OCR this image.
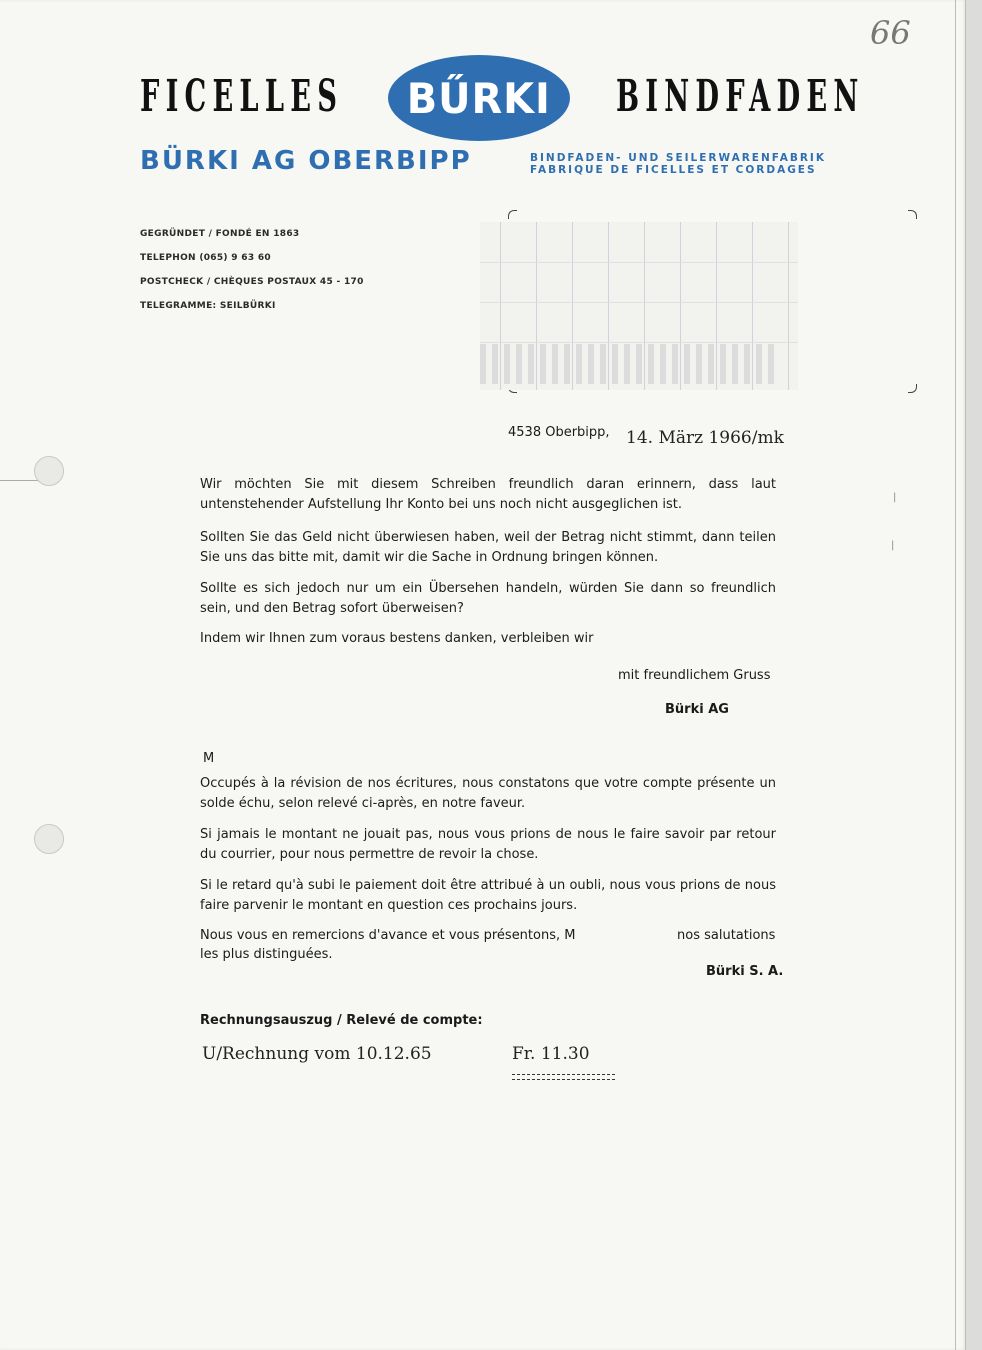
66
FICELLES BŰRKI BINDFADEN
BÜRKI AG OBERBIPP	BINDFADEN- UND SEILERWARENFABRIK
FABRIQUE DE FICELLES ET CORDAGES
GEGRÜNDET / FONDÉ EN 1863
TELEPHON (065) 9 63 60
POSTCHECK / CHÈQUES POSTAUX 45 - 170
TELEGRAMME: SEILBÜRKI
4538 Oberbipp, 14. März 1966/mk
Wir möchten Sie mit diesem Schreiben freundlich daran erinnern, dass laut untenstehender Aufstellung Ihr Konto bei uns noch nicht ausgeglichen ist.
Sollten Sie das Geld nicht überwiesen haben, weil der Betrag nicht stimmt, dann teilen Sie uns das bitte mit, damit wir die Sache in Ordnung bringen können.
Sollte es sich jedoch nur um ein Übersehen handeln, würden Sie dann so freundlich sein, und den Betrag sofort überweisen?
Indem wir Ihnen zum voraus bestens danken, verbleiben wir
mit freundlichem Gruss
Bürki AG
M
Occupés à la révision de nos écritures, nous constatons que votre compte présente un solde échu, selon relevé ci-après, en notre faveur.
Si jamais le montant ne jouait pas, nous vous prions de nous le faire savoir par retour du courrier, pour nous permettre de revoir la chose.
Si le retard qu'à subi le paiement doit être attribué à un oubli, nous vous prions de nous faire parvenir le montant en question ces prochains jours.
Nous vous en remercions d'avance et vous présentons, M	nos salutations
les plus distinguées.
Bürki S. A.
Rechnungsauszug / Relevé de compte:
U/Rechnung vom 10.12.65	Fr. 11.30
|
|
